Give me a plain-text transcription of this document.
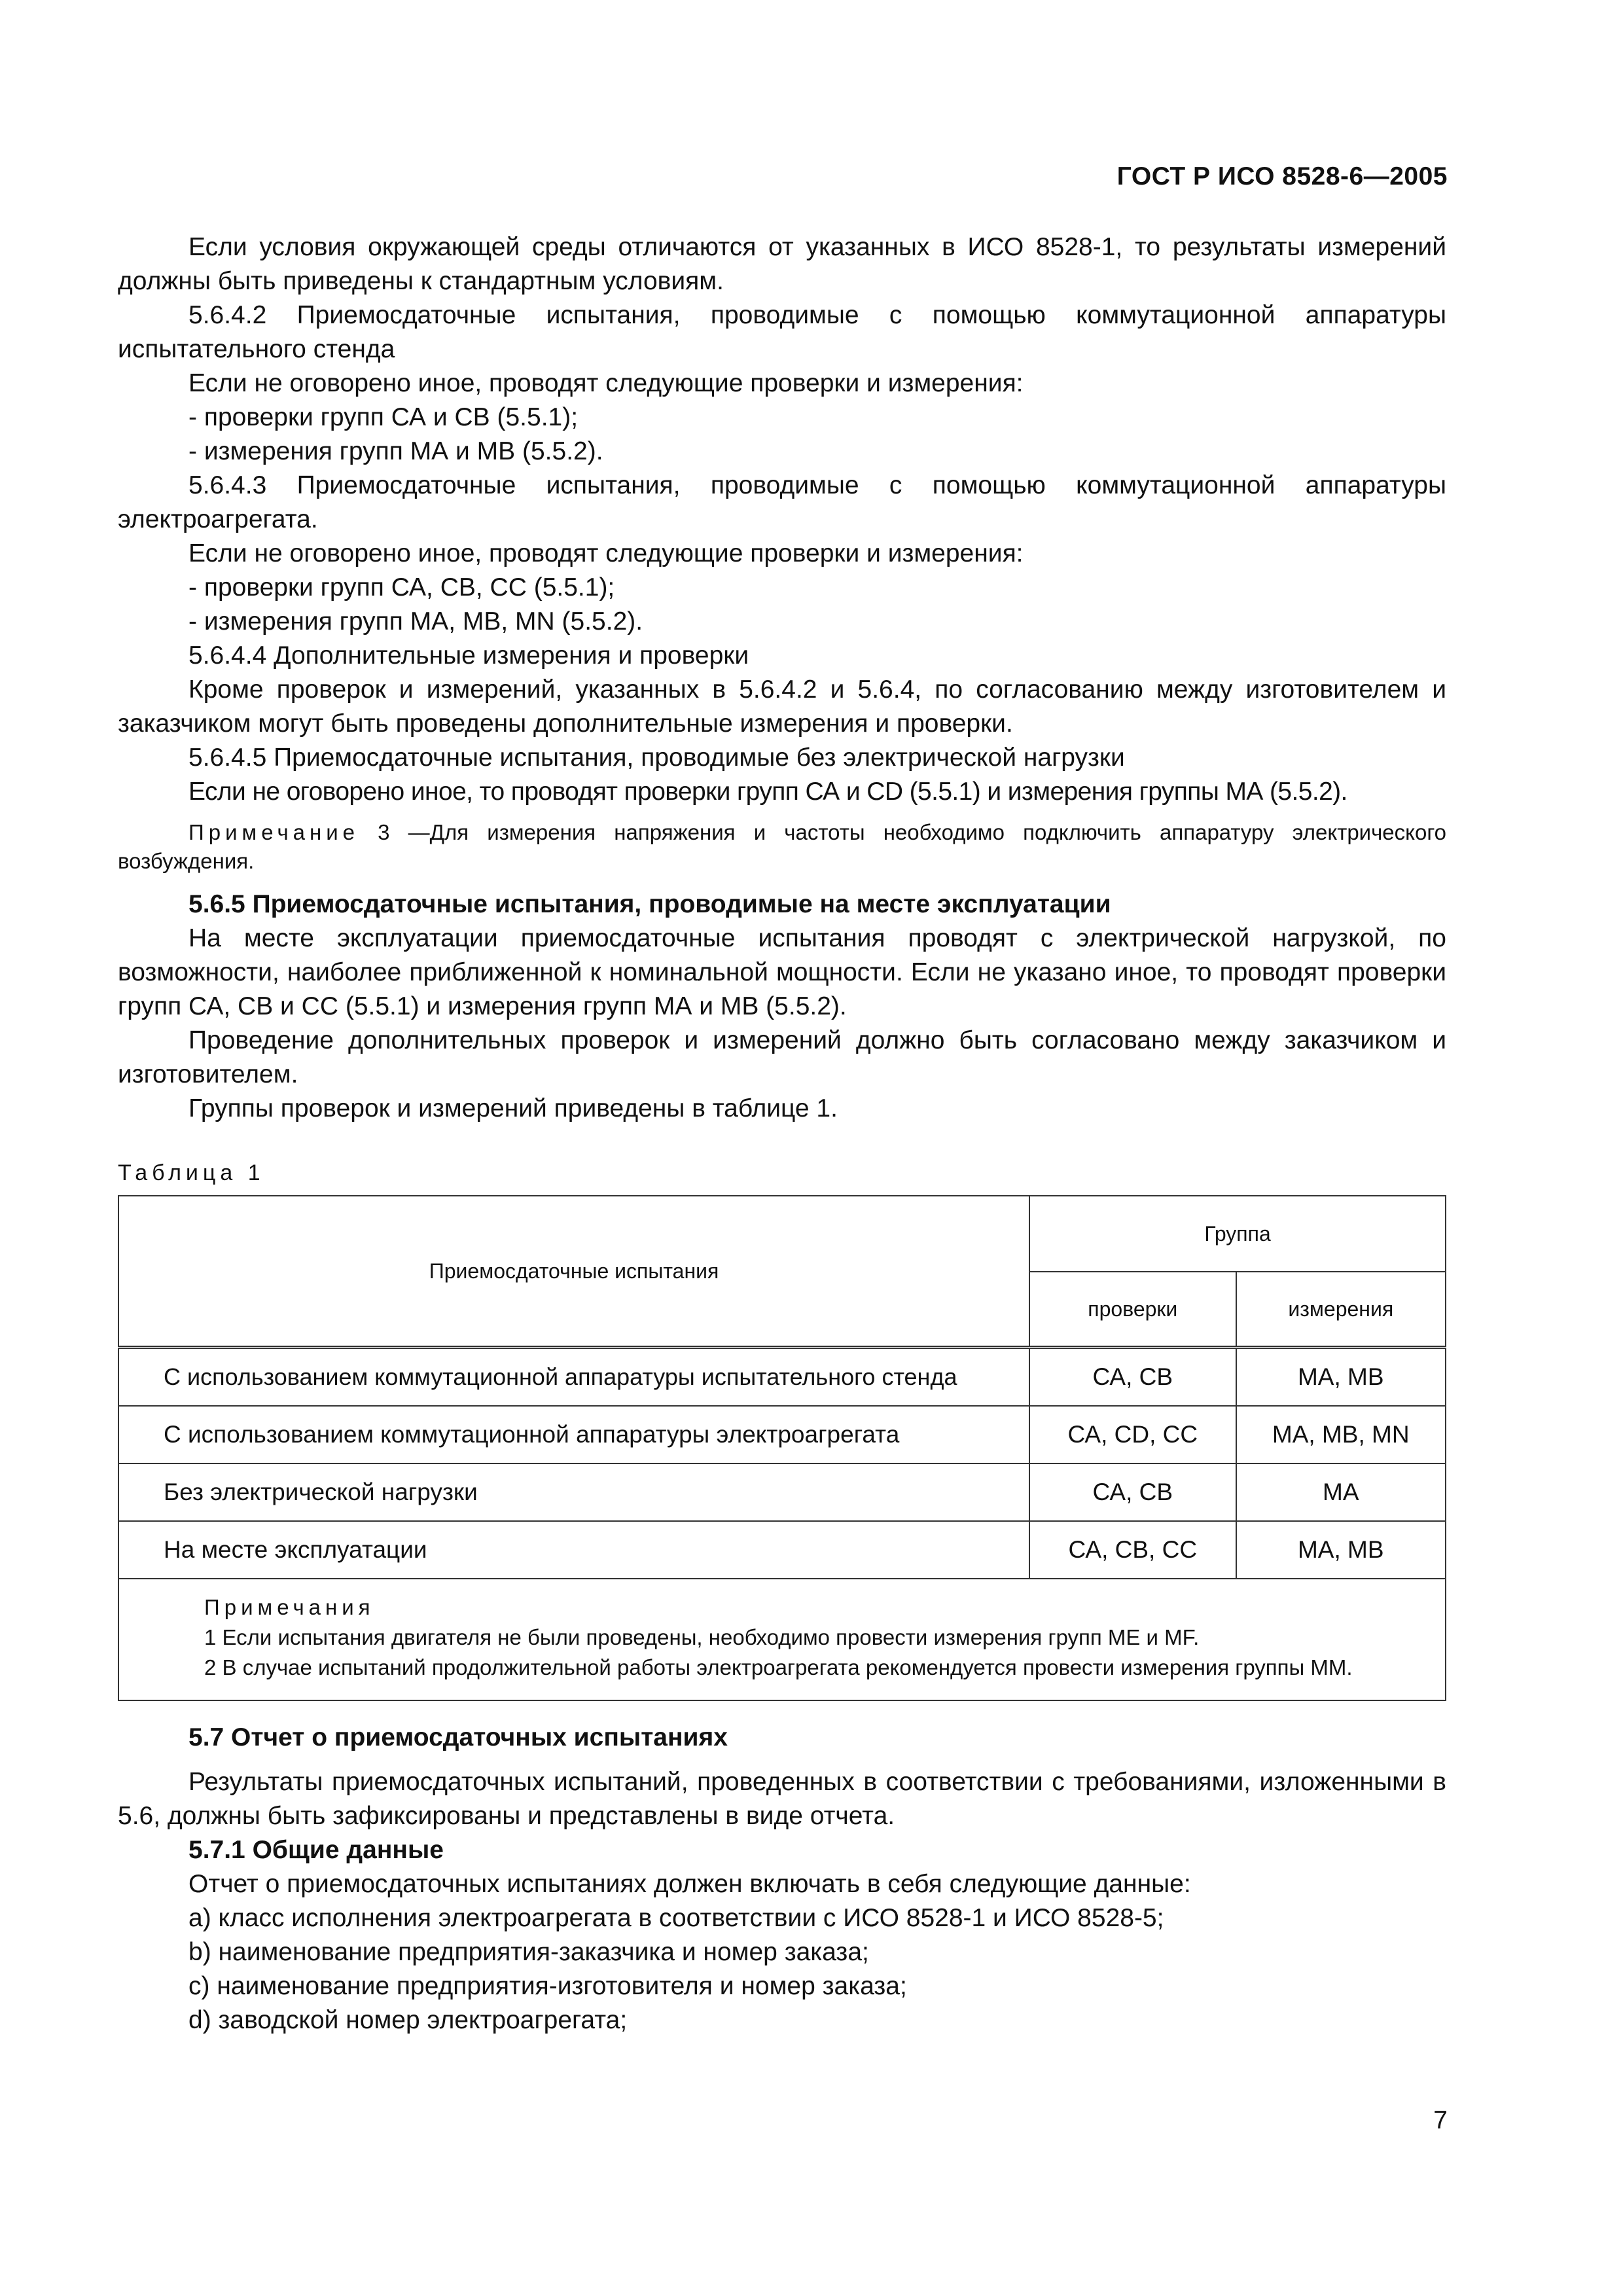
ГОСТ Р ИСО 8528-6—2005

Если условия окружающей среды отличаются от указанных в ИСО 8528-1, то результаты измерений должны быть приведены к стандартным условиям.

5.6.4.2 Приемосдаточные испытания, проводимые с помощью коммутационной аппаратуры испытательного стенда

Если не оговорено иное, проводят следующие проверки и измерения:

- проверки групп СА и СВ (5.5.1);

- измерения групп МА и МВ (5.5.2).

5.6.4.3 Приемосдаточные испытания, проводимые с помощью коммутационной аппаратуры электроагрегата.

Если не оговорено иное, проводят следующие проверки и измерения:

- проверки групп СА, СВ, СС (5.5.1);

- измерения групп МА, МВ, MN (5.5.2).

5.6.4.4 Дополнительные измерения и проверки

Кроме проверок и измерений, указанных в 5.6.4.2 и 5.6.4, по согласованию между изготовителем и заказчиком могут быть проведены дополнительные измерения и проверки.

5.6.4.5 Приемосдаточные испытания, проводимые без электрической нагрузки

Если не оговорено иное, то проводят проверки групп СА и CD (5.5.1) и измерения группы МА (5.5.2).

Примечание 3 —Для измерения напряжения и частоты необходимо подключить аппаратуру электрического возбуждения.

5.6.5 Приемосдаточные испытания, проводимые на месте эксплуатации

На месте эксплуатации приемосдаточные испытания проводят с электрической нагрузкой, по возможности, наиболее приближенной к номинальной мощности. Если не указано иное, то проводят проверки групп СА, СВ и СС (5.5.1) и измерения групп МА и МВ (5.5.2).

Проведение дополнительных проверок и измерений должно быть согласовано между заказчиком и изготовителем.

Группы проверок и измерений приведены в таблице 1.

Таблица 1

Приемосдаточные испытания	Группа	
	проверки	измерения
С использованием коммутационной аппаратуры испытательного стенда	СА, СВ	МА, МВ
С использованием коммутационной аппаратуры электроагрегата	СА, CD, СС	МА, МВ, MN
Без электрической нагрузки	СА, СВ	МА
На месте эксплуатации	СА, СВ, СС	МА, МВ

Примечания
1 Если испытания двигателя не были проведены, необходимо провести измерения групп ME и MF.
2 В случае испытаний продолжительной работы электроагрегата рекомендуется провести измерения группы ММ.		

5.7 Отчет о приемосдаточных испытаниях

Результаты приемосдаточных испытаний, проведенных в соответствии с требованиями, изложенными в 5.6, должны быть зафиксированы и представлены в виде отчета.

5.7.1 Общие данные

Отчет о приемосдаточных испытаниях должен включать в себя следующие данные:

а) класс исполнения электроагрегата в соответствии с ИСО 8528-1 и ИСО 8528-5;

b) наименование предприятия-заказчика и номер заказа;

с) наименование предприятия-изготовителя и номер заказа;

d) заводской номер электроагрегата;

7
